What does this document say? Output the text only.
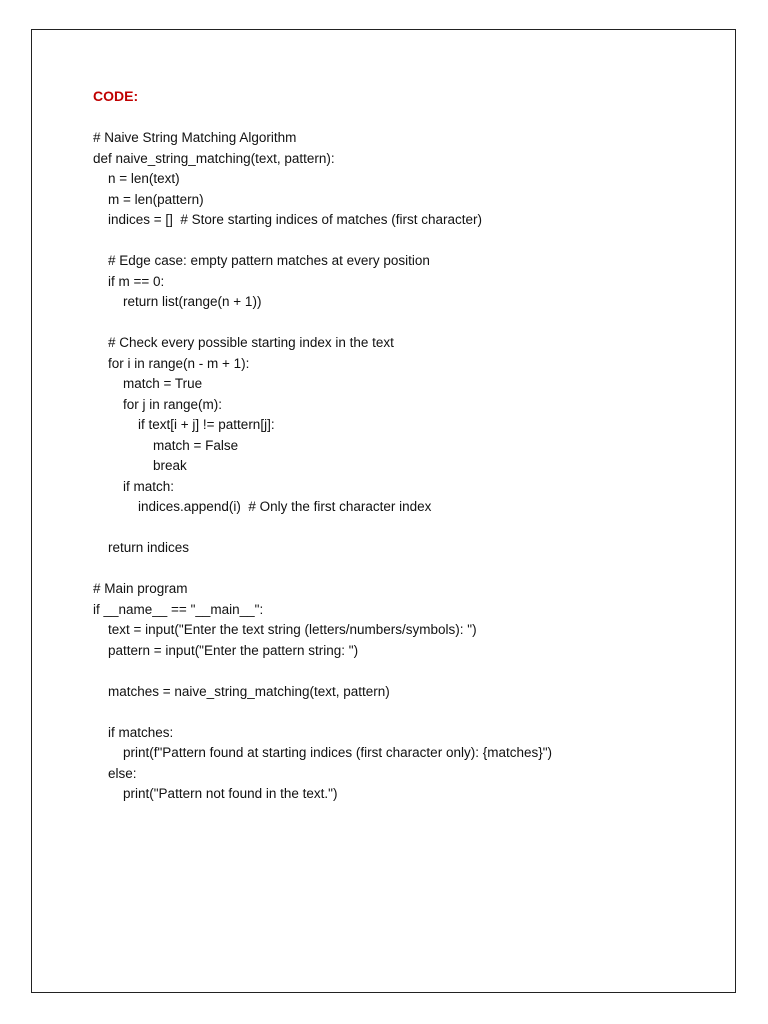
CODE:
# Naive String Matching Algorithm
def naive_string_matching(text, pattern):
n = len(text)
m = len(pattern)
indices = []  # Store starting indices of matches (first character)
# Edge case: empty pattern matches at every position
if m == 0:
return list(range(n + 1))
# Check every possible starting index in the text
for i in range(n - m + 1):
match = True
for j in range(m):
if text[i + j] != pattern[j]:
match = False
break
if match:
indices.append(i)  # Only the first character index
return indices
# Main program
if __name__ == "__main__":
text = input("Enter the text string (letters/numbers/symbols): ")
pattern = input("Enter the pattern string: ")
matches = naive_string_matching(text, pattern)
if matches:
print(f"Pattern found at starting indices (first character only): {matches}")
else:
print("Pattern not found in the text.")
